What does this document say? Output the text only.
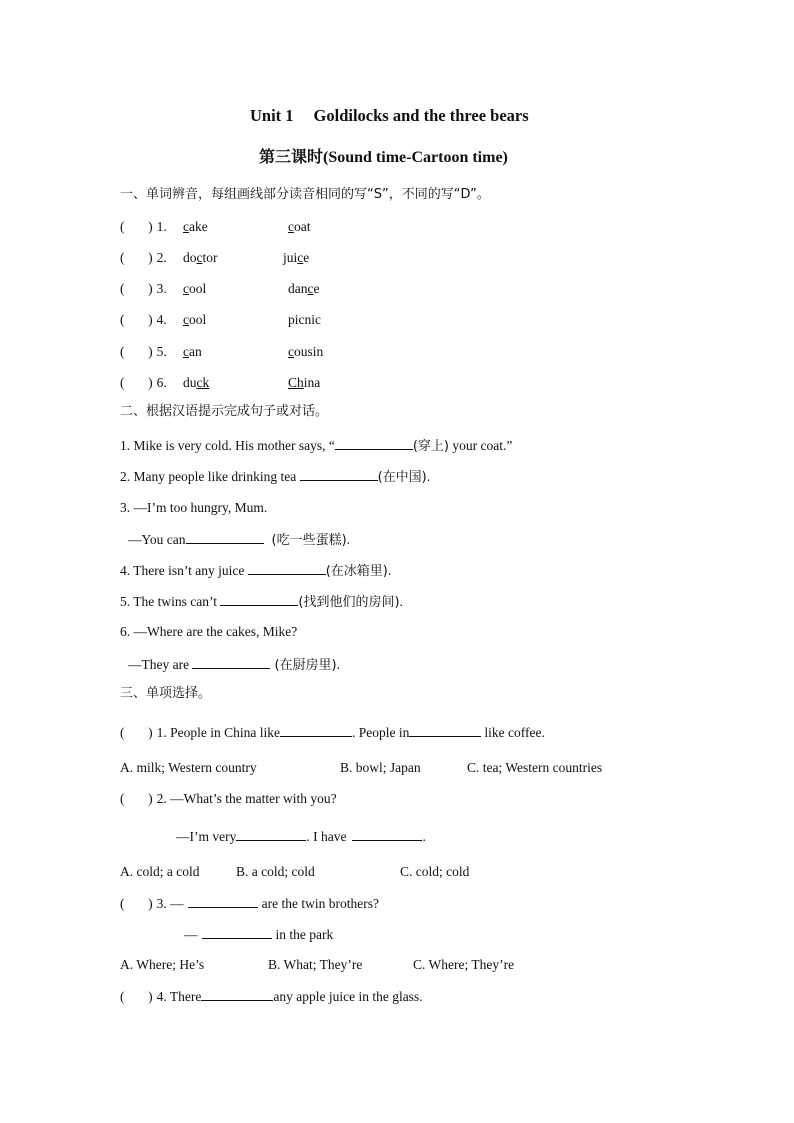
Unit 1 Goldilocks and the three bears
第三课时(Sound time-Cartoon time)
一、单词辨音，每组画线部分读音相同的写“S”，不同的写“D”。
(       ) 1. cake	coat
(       ) 2. doctor	juice
(       ) 3. cool	dance
(       ) 4. cool	picnic
(       ) 5. can	cousin
(       ) 6. duck	China
二、根据汉语提示完成句子或对话。
1. Mike is very cold. His mother says, “	(穿上) your coat.”
2. Many people like drinking tea	(在中国).
3. —I’m too hungry, Mum.
—You can	(吃一些蛋糕).
4. There isn’t any juice	(在冰箱里).
5. The twins can’t	(找到他们的房间).
6. —Where are the cakes, Mike?
—They are	(在厨房里).
三、单项选择。
(       ) 1. People in China like	. People in	like coffee.
A. milk; Western country	B. bowl; Japan	C. tea; Western countries
(       ) 2. —What’s the matter with you?
—I’m very	. I have	.
A. cold; a cold	B. a cold; cold	C. cold; cold
(       ) 3. —	are the twin brothers?
—	in the park
A. Where; He’s	B. What; They’re	C. Where; They’re
(       ) 4. There	any apple juice in the glass.
